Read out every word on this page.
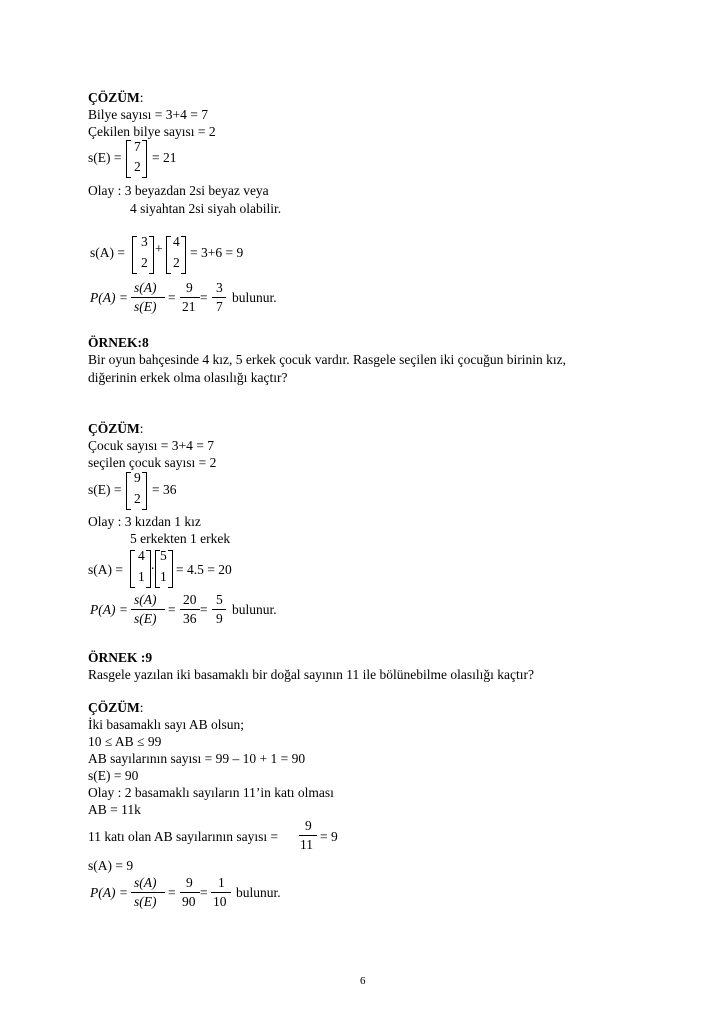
ÇÖZÜM:
Bilye sayısı = 3+4 = 7
Çekilen bilye sayısı = 2
s(E) =
7
2
= 21
Olay : 3 beyazdan 2si beyaz veya
4 siyahtan 2si siyah olabilir.
s(A) =
3
2
+ 4
2
= 3+6 = 9
P(A) =
s(A)
s(E)
=
9
21
=
3
7
bulunur.
ÖRNEK:8
Bir oyun bahçesinde 4 kız, 5 erkek çocuk vardır. Rasgele seçilen iki çocuğun birinin kız,
diğerinin erkek olma olasılığı kaçtır?
ÇÖZÜM:
Çocuk sayısı = 3+4 = 7
seçilen çocuk sayısı = 2
s(E) =
9
2
= 36
Olay : 3 kızdan 1 kız
5 erkekten 1 erkek
s(A) =
4
1
.
5
1 = 4.5 = 20
P(A) =
s(A)
s(E)
=
20
36
=
5
9
bulunur.
ÖRNEK :9
Rasgele yazılan iki basamaklı bir doğal sayının 11 ile bölünebilme olasılığı kaçtır?
ÇÖZÜM:
İki basamaklı sayı AB olsun;
10 ≤ AB ≤ 99
AB sayılarının sayısı = 99 – 10 + 1 = 90
s(E) = 90
Olay : 2 basamaklı sayıların 11’in katı olması
AB = 11k
11 katı olan AB sayılarının sayısı =
9
11
= 9
s(A) = 9
P(A) =
s(A)
s(E)
=
9
90
=
1
10
bulunur.
6
